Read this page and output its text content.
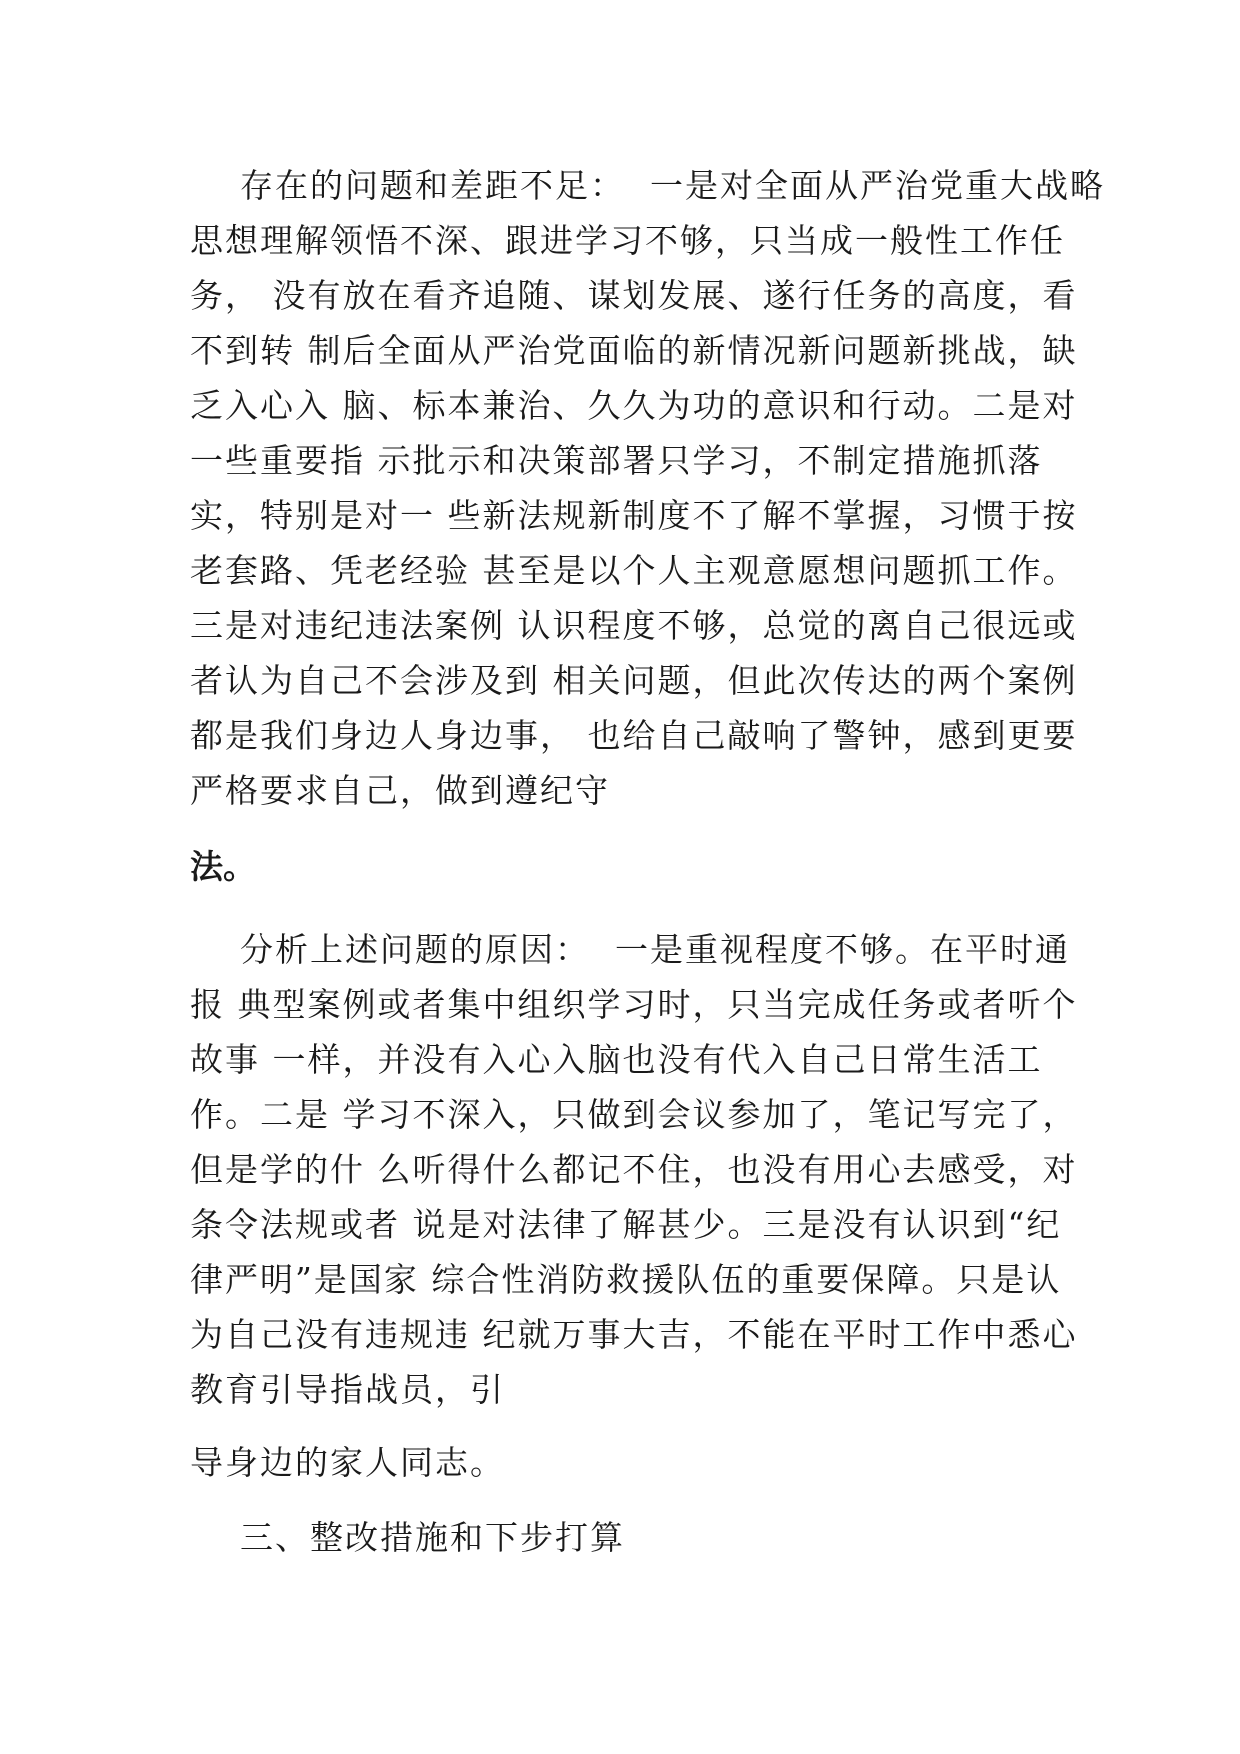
存在的问题和差距不足：  一是对全面从严治党重大战略
思想理解领悟不深、跟进学习不够，只当成一般性工作任
务， 没有放在看齐追随、谋划发展、遂行任务的高度，看
不到转 制后全面从严治党面临的新情况新问题新挑战，缺
乏入心入 脑、标本兼治、久久为功的意识和行动。二是对
一些重要指 示批示和决策部署只学习，不制定措施抓落
实，特别是对一 些新法规新制度不了解不掌握，习惯于按
老套路、凭老经验 甚至是以个人主观意愿想问题抓工作。
三是对违纪违法案例 认识程度不够，总觉的离自己很远或
者认为自己不会涉及到 相关问题，但此次传达的两个案例
都是我们身边人身边事， 也给自己敲响了警钟，感到更要
严格要求自己，做到遵纪守
法。
分析上述问题的原因：  一是重视程度不够。在平时通
报 典型案例或者集中组织学习时，只当完成任务或者听个
故事 一样，并没有入心入脑也没有代入自己日常生活工
作。二是 学习不深入，只做到会议参加了，笔记写完了，
但是学的什 么听得什么都记不住，也没有用心去感受，对
条令法规或者 说是对法律了解甚少。三是没有认识到“纪
律严明”是国家 综合性消防救援队伍的重要保障。只是认
为自己没有违规违 纪就万事大吉，不能在平时工作中悉心
教育引导指战员，引
导身边的家人同志。
三、整改措施和下步打算
